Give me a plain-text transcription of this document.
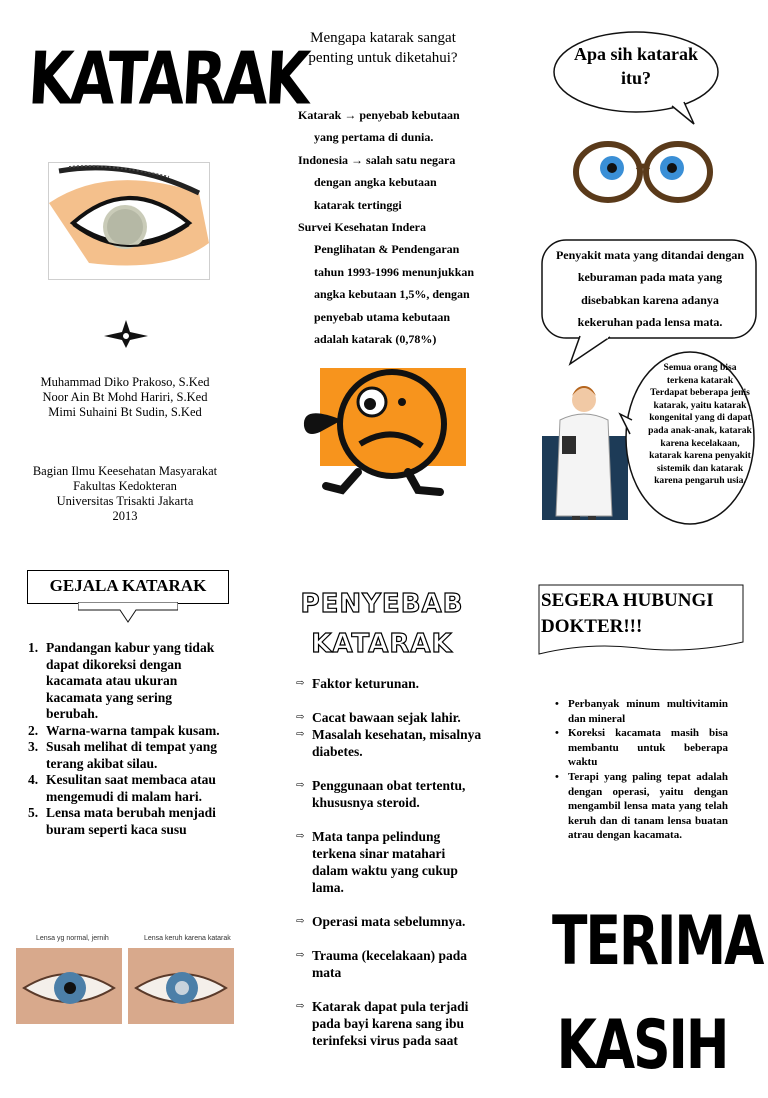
KATARAK
Muhammad Diko Prakoso, S.Ked
Noor Ain Bt Mohd Hariri, S.Ked
Mimi Suhaini Bt Sudin, S.Ked
Bagian Ilmu Keesehatan Masyarakat
Fakultas Kedokteran
Universitas Trisakti Jakarta
2013
Mengapa katarak sangat penting untuk diketahui?
Katarak → penyebab kebutaan
yang pertama di dunia.
Indonesia → salah satu negara
dengan angka kebutaan
katarak tertinggi
Survei Kesehatan Indera
Penglihatan & Pendengaran
tahun 1993-1996 menunjukkan
angka kebutaan 1,5%, dengan
penyebab utama kebutaan
adalah katarak (0,78%)
Apa sih katarak itu?
Penyakit mata yang ditandai dengan keburaman pada mata yang disebabkan karena adanya kekeruhan pada lensa mata.
Semua orang bisa terkena katarak Terdapat beberapa jenis katarak, yaitu katarak kongenital yang di dapat pada anak-anak, katarak karena kecelakaan, katarak karena penyakit sistemik dan katarak karena pengaruh usia.
GEJALA KATARAK
1. Pandangan kabur yang tidak dapat dikoreksi dengan kacamata atau ukuran kacamata yang sering berubah.
2. Warna-warna tampak kusam.
3. Susah melihat di tempat yang terang akibat silau.
4. Kesulitan saat membaca atau mengemudi di malam hari.
5. Lensa mata berubah menjadi buram seperti kaca susu
Lensa yg normal, jernih	Lensa keruh karena katarak
PENYEBAB
KATARAK
⇨ Faktor keturunan.
⇨ Cacat bawaan sejak lahir.
⇨ Masalah kesehatan, misalnya diabetes.
⇨ Penggunaan obat tertentu, khususnya steroid.
⇨ Mata tanpa pelindung terkena sinar matahari dalam waktu yang cukup lama.
⇨ Operasi mata sebelumnya.
⇨ Trauma (kecelakaan) pada mata
⇨ Katarak dapat pula terjadi pada bayi karena sang ibu terinfeksi virus pada saat
SEGERA HUBUNGI DOKTER!!!
• Perbanyak minum multivitamin dan mineral
• Koreksi kacamata masih bisa membantu untuk beberapa waktu
• Terapi yang paling tepat adalah dengan operasi, yaitu dengan mengambil lensa mata yang telah keruh dan di tanam lensa buatan atrau dengan kacamata.
TERIMA
KASIH
